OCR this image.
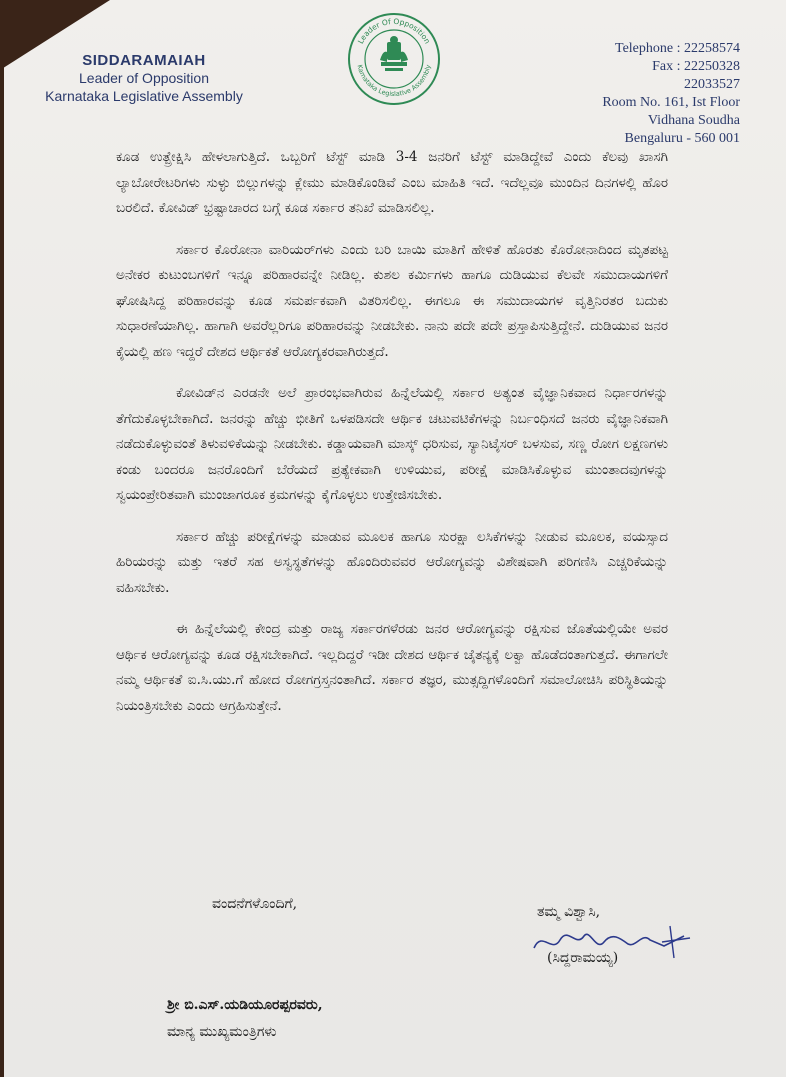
SIDDARAMAIAH
Leader of Opposition
Karnataka Legislative Assembly
Leader Of Opposition
Karnataka Legislative Assembly
Telephone : 22258574
Fax : 22250328
22033527
Room No. 161, Ist Floor
Vidhana Soudha
Bengaluru - 560 001

ಕೂಡ ಉತ್ಪ್ರೇಕ್ಷಿಸಿ ಹೇಳಲಾಗುತ್ತಿದೆ. ಒಬ್ಬರಿಗೆ ಟೆಸ್ಟ್ ಮಾಡಿ 3-4 ಜನರಿಗೆ ಟೆಸ್ಟ್ ಮಾಡಿದ್ದೇವೆ ಎಂದು ಕೆಲವು ಖಾಸಗಿ ಲ್ಯಾಬೋರೇಟರಿಗಳು ಸುಳ್ಳು ಬಿಲ್ಲುಗಳನ್ನು ಕ್ಲೇಮು ಮಾಡಿಕೊಂಡಿವೆ ಎಂಬ ಮಾಹಿತಿ ಇದೆ. ಇದೆಲ್ಲವೂ ಮುಂದಿನ ದಿನಗಳಲ್ಲಿ ಹೊರ ಬರಲಿದೆ. ಕೋವಿಡ್ ಭ್ರಷ್ಟಾಚಾರದ ಬಗ್ಗೆ ಕೂಡ ಸರ್ಕಾರ ತನಿಖೆ ಮಾಡಿಸಲಿಲ್ಲ.

ಸರ್ಕಾರ ಕೊರೋನಾ ವಾರಿಯರ್‌ಗಳು ಎಂದು ಬರಿ ಬಾಯಿ ಮಾತಿಗೆ ಹೇಳಿತೆ ಹೊರತು ಕೊರೋನಾದಿಂದ ಮೃತಪಟ್ಟ ಅನೇಕರ ಕುಟುಂಬಗಳಿಗೆ ಇನ್ನೂ ಪರಿಹಾರವನ್ನೇ ನೀಡಿಲ್ಲ. ಕುಶಲ ಕರ್ಮಿಗಳು ಹಾಗೂ ದುಡಿಯುವ ಕೆಲವೇ ಸಮುದಾಯಗಳಿಗೆ ಘೋಷಿಸಿದ್ದ ಪರಿಹಾರವನ್ನು ಕೂಡ ಸಮರ್ಪಕವಾಗಿ ವಿತರಿಸಲಿಲ್ಲ. ಈಗಲೂ ಈ ಸಮುದಾಯಗಳ ವೃತ್ತಿನಿರತರ ಬದುಕು ಸುಧಾರಣೆಯಾಗಿಲ್ಲ. ಹಾಗಾಗಿ ಅವರೆಲ್ಲರಿಗೂ ಪರಿಹಾರವನ್ನು ನೀಡಬೇಕು. ನಾನು ಪದೇ ಪದೇ ಪ್ರಸ್ತಾಪಿಸುತ್ತಿದ್ದೇನೆ. ದುಡಿಯುವ ಜನರ ಕೈಯಲ್ಲಿ ಹಣ ಇದ್ದರೆ ದೇಶದ ಆರ್ಥಿಕತೆ ಆರೋಗ್ಯಕರವಾಗಿರುತ್ತದೆ.

ಕೋವಿಡ್‌ನ ಎರಡನೇ ಅಲೆ ಪ್ರಾರಂಭವಾಗಿರುವ ಹಿನ್ನೆಲೆಯಲ್ಲಿ ಸರ್ಕಾರ ಅತ್ಯಂತ ವೈಜ್ಞಾನಿಕವಾದ ನಿರ್ಧಾರಗಳನ್ನು ತೆಗೆದುಕೊಳ್ಳಬೇಕಾಗಿದೆ. ಜನರನ್ನು ಹೆಚ್ಚು ಭೀತಿಗೆ ಒಳಪಡಿಸದೇ ಆರ್ಥಿಕ ಚಟುವಟಿಕೆಗಳನ್ನು ನಿರ್ಬಂಧಿಸದೆ ಜನರು ವೈಜ್ಞಾನಿಕವಾಗಿ ನಡೆದುಕೊಳ್ಳುವಂತೆ ತಿಳುವಳಿಕೆಯನ್ನು ನೀಡಬೇಕು. ಕಡ್ಡಾಯವಾಗಿ ಮಾಸ್ಕ್ ಧರಿಸುವ, ಸ್ಯಾನಿಟೈಸರ್ ಬಳಸುವ, ಸಣ್ಣ ರೋಗ ಲಕ್ಷಣಗಳು ಕಂಡು ಬಂದರೂ ಜನರೊಂದಿಗೆ ಬೆರೆಯದೆ ಪ್ರತ್ಯೇಕವಾಗಿ ಉಳಿಯುವ, ಪರೀಕ್ಷೆ ಮಾಡಿಸಿಕೊಳ್ಳುವ ಮುಂತಾದವುಗಳನ್ನು ಸ್ವಯಂಪ್ರೇರಿತವಾಗಿ ಮುಂಜಾಗರೂಕ ಕ್ರಮಗಳನ್ನು ಕೈಗೊಳ್ಳಲು ಉತ್ತೇಜಿಸಬೇಕು.

ಸರ್ಕಾರ ಹೆಚ್ಚು ಪರೀಕ್ಷೆಗಳನ್ನು ಮಾಡುವ ಮೂಲಕ ಹಾಗೂ ಸುರಕ್ಷಾ ಲಸಿಕೆಗಳನ್ನು ನೀಡುವ ಮೂಲಕ, ವಯಸ್ಸಾದ ಹಿರಿಯರನ್ನು ಮತ್ತು ಇತರೆ ಸಹ ಅಸ್ವಸ್ಥತೆಗಳನ್ನು ಹೊಂದಿರುವವರ ಆರೋಗ್ಯವನ್ನು ವಿಶೇಷವಾಗಿ ಪರಿಗಣಿಸಿ ಎಚ್ಚರಿಕೆಯನ್ನು ವಹಿಸಬೇಕು.

ಈ ಹಿನ್ನೆಲೆಯಲ್ಲಿ ಕೇಂದ್ರ ಮತ್ತು ರಾಜ್ಯ ಸರ್ಕಾರಗಳೆರಡು ಜನರ ಆರೋಗ್ಯವನ್ನು ರಕ್ಷಿಸುವ ಜೊತೆಯಲ್ಲಿಯೇ ಅವರ ಆರ್ಥಿಕ ಆರೋಗ್ಯವನ್ನು ಕೂಡ ರಕ್ಷಿಸಬೇಕಾಗಿದೆ. ಇಲ್ಲದಿದ್ದರೆ ಇಡೀ ದೇಶದ ಆರ್ಥಿಕ ಚೈತನ್ಯಕ್ಕೆ ಲಕ್ವಾ ಹೊಡೆದಂತಾಗುತ್ತದೆ. ಈಗಾಗಲೇ ನಮ್ಮ ಆರ್ಥಿಕತೆ ಐ.ಸಿ.ಯು.ಗೆ ಹೋದ ರೋಗಗ್ರಸ್ತನಂತಾಗಿದೆ. ಸರ್ಕಾರ ತಜ್ಞರ, ಮುತ್ಸದ್ದಿಗಳೊಂದಿಗೆ ಸಮಾಲೋಚಿಸಿ ಪರಿಸ್ಥಿತಿಯನ್ನು ನಿಯಂತ್ರಿಸಬೇಕು ಎಂದು ಆಗ್ರಹಿಸುತ್ತೇನೆ.

ವಂದನೆಗಳೊಂದಿಗೆ,	ತಮ್ಮ ವಿಶ್ವಾಸಿ,
(ಸಿದ್ದರಾಮಯ್ಯ)
ಶ್ರೀ ಬಿ.ಎಸ್.ಯಡಿಯೂರಪ್ಪರವರು,
ಮಾನ್ಯ ಮುಖ್ಯಮಂತ್ರಿಗಳು
